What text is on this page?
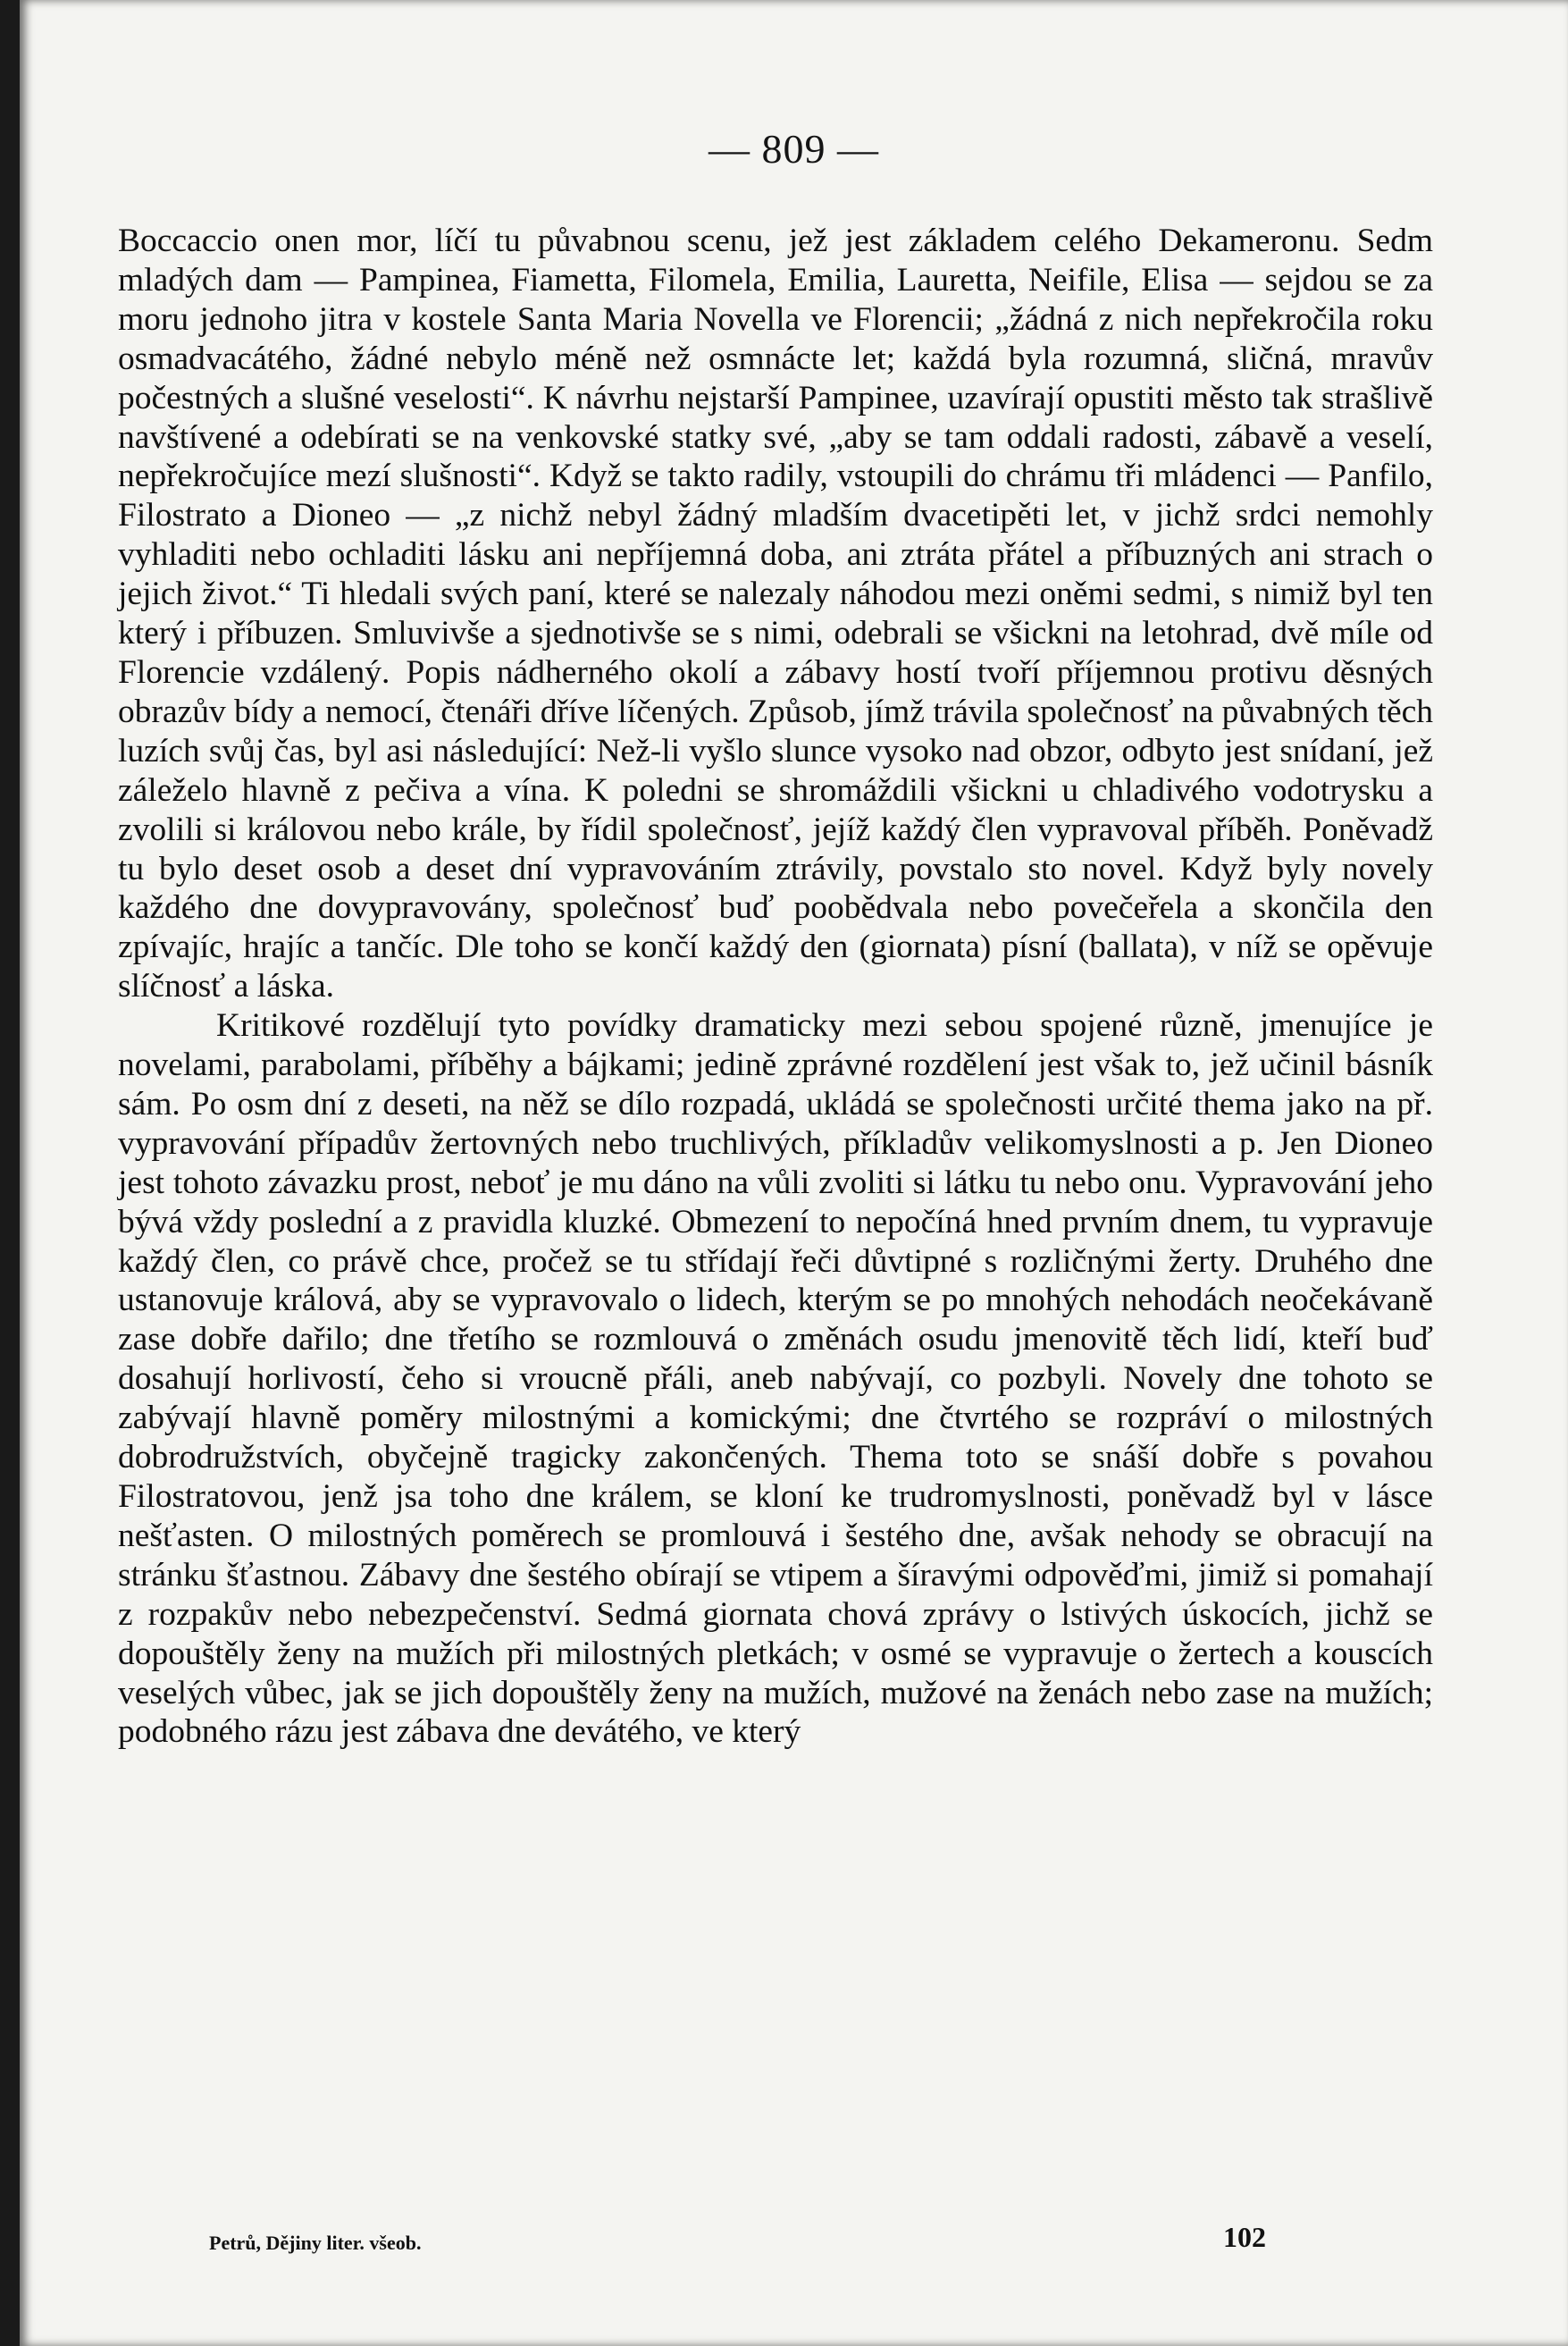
— 809 —

Boccaccio onen mor, líčí tu půvabnou scenu, jež jest základem celého Dekameronu. Sedm mladých dam — Pampinea, Fiametta, Filomela, Emilia, Lauretta, Neifile, Elisa — sejdou se za moru jednoho jitra v kostele Santa Maria Novella ve Florencii; „žádná z nich nepřekročila roku osmadvacátého, žádné nebylo méně než osmnácte let; každá byla rozumná, sličná, mravův počestných a slušné veselosti“. K návrhu nejstarší Pampinee, uzavírají opustiti město tak strašlivě navštívené a odebírati se na venkovské statky své, „aby se tam oddali radosti, zábavě a veselí, nepřekročujíce mezí slušnosti“. Když se takto radily, vstoupili do chrámu tři mládenci — Panfilo, Filostrato a Dioneo — „z nichž nebyl žádný mladším dvacetipěti let, v jichž srdci nemohly vyhladiti nebo ochladiti lásku ani nepříjemná doba, ani ztráta přátel a příbuzných ani strach o jejich život.“ Ti hledali svých paní, které se nalezaly náhodou mezi oněmi sedmi, s nimiž byl ten který i příbuzen. Smluvivše a sjednotivše se s nimi, odebrali se všickni na letohrad, dvě míle od Florencie vzdálený. Popis nádherného okolí a zábavy hostí tvoří příjemnou protivu děsných obrazův bídy a nemocí, čtenáři dříve líčených. Způsob, jímž trávila společnosť na půvabných těch luzích svůj čas, byl asi následující: Než-li vyšlo slunce vysoko nad obzor, odbyto jest snídaní, jež záleželo hlavně z pečiva a vína. K poledni se shromáždili všickni u chladivého vodotrysku a zvolili si královou nebo krále, by řídil společnosť, jejíž každý člen vypravoval příběh. Poněvadž tu bylo deset osob a deset dní vypravováním ztrávily, povstalo sto novel. Když byly novely každého dne dovypravovány, společnosť buď poobědvala nebo povečeřela a skončila den zpívajíc, hrajíc a tančíc. Dle toho se končí každý den (giornata) písní (ballata), v níž se opěvuje slíčnosť a láska.

Kritikové rozdělují tyto povídky dramaticky mezi sebou spojené různě, jmenujíce je novelami, parabolami, příběhy a bájkami; jedině zprávné rozdělení jest však to, jež učinil básník sám. Po osm dní z deseti, na něž se dílo rozpadá, ukládá se společnosti určité thema jako na př. vypravování případův žertovných nebo truchlivých, příkladův velikomyslnosti a p. Jen Dioneo jest tohoto závazku prost, neboť je mu dáno na vůli zvoliti si látku tu nebo onu. Vypravování jeho bývá vždy poslední a z pravidla kluzké. Obmezení to nepočíná hned prvním dnem, tu vypravuje každý člen, co právě chce, pročež se tu střídají řeči důvtipné s rozličnými žerty. Druhého dne ustanovuje králová, aby se vypravovalo o lidech, kterým se po mnohých nehodách neočekávaně zase dobře dařilo; dne třetího se rozmlouvá o změnách osudu jmenovitě těch lidí, kteří buď dosahují horlivostí, čeho si vroucně přáli, aneb nabývají, co pozbyli. Novely dne tohoto se zabývají hlavně poměry milostnými a komickými; dne čtvrtého se rozpráví o milostných dobrodružstvích, obyčejně tragicky zakončených. Thema toto se snáší dobře s povahou Filostratovou, jenž jsa toho dne králem, se kloní ke trudromyslnosti, poněvadž byl v lásce nešťasten. O milostných poměrech se promlouvá i šestého dne, avšak nehody se obracují na stránku šťastnou. Zábavy dne šestého obírají se vtipem a šíravými odpověďmi, jimiž si pomahají z rozpakův nebo nebezpečenství. Sedmá giornata chová zprávy o lstivých úskocích, jichž se dopouštěly ženy na mužích při milostných pletkách; v osmé se vypravuje o žertech a kouscích veselých vůbec, jak se jich dopouštěly ženy na mužích, mužové na ženách nebo zase na mužích; podobného rázu jest zábava dne devátého, ve který

Petrů, Dějiny liter. všeob.	102
